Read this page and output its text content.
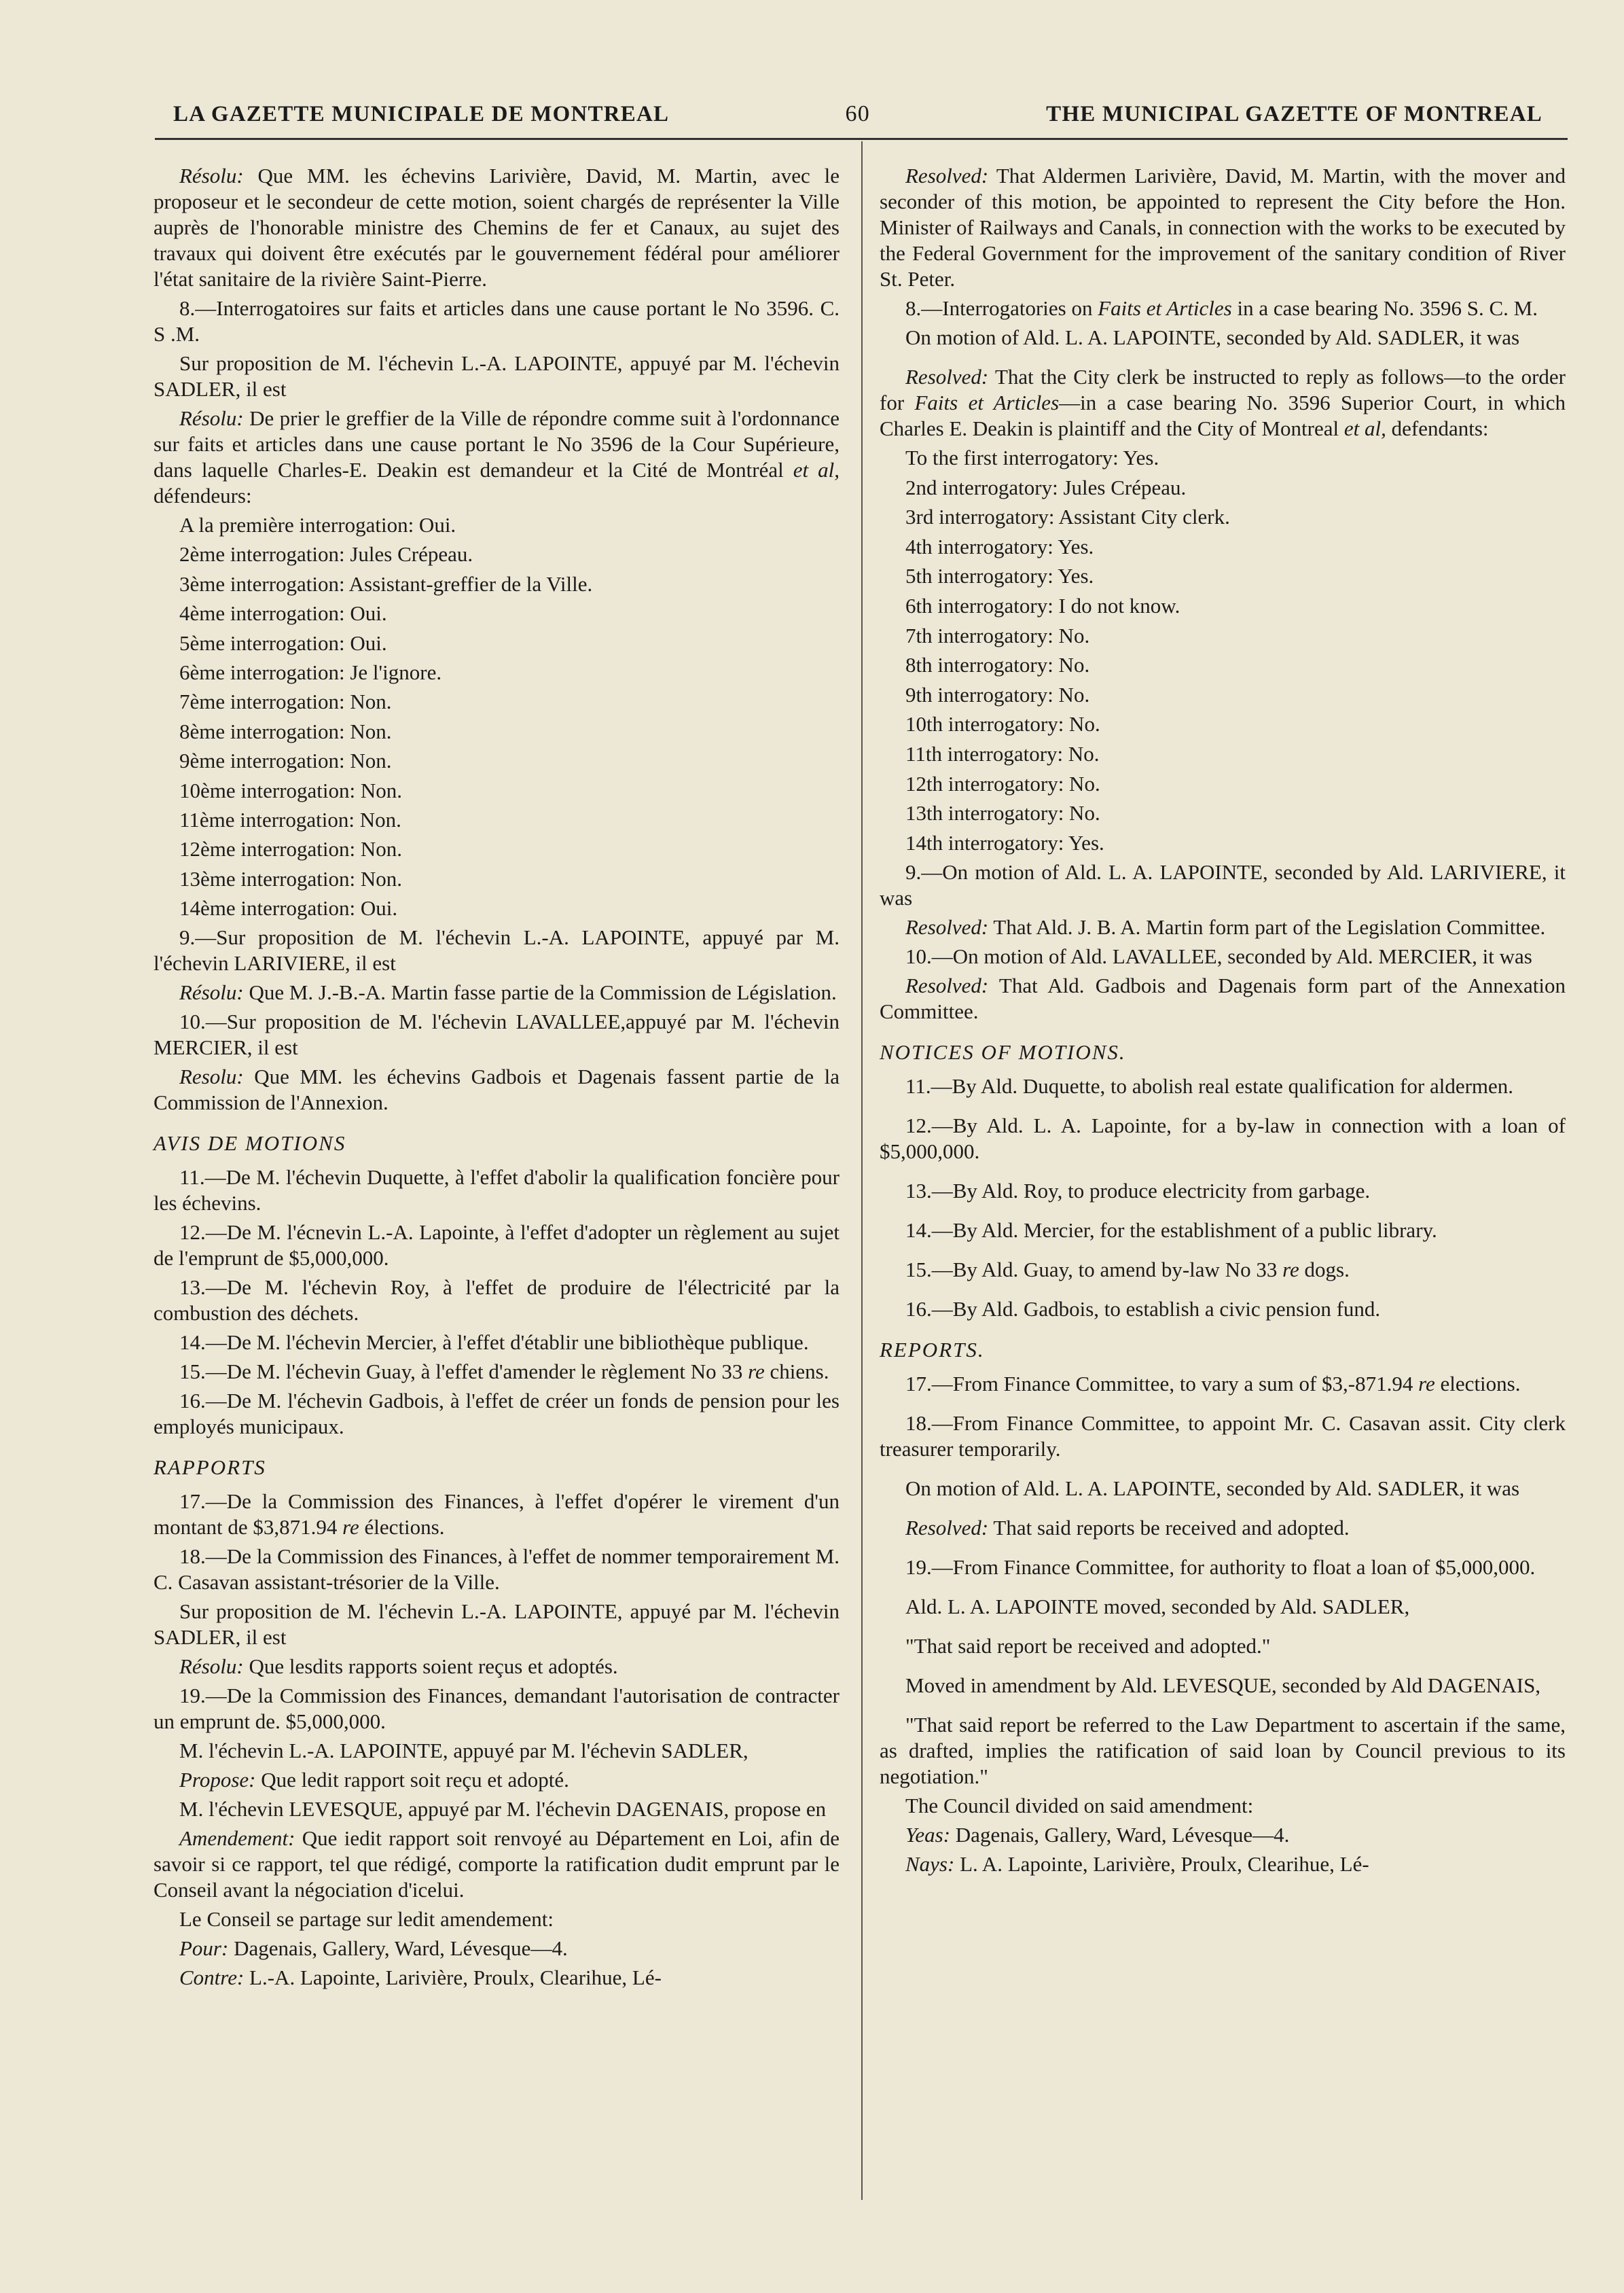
LA GAZETTE MUNICIPALE DE MONTREAL	60	THE MUNICIPAL GAZETTE OF MONTREAL

Résolu: Que MM. les échevins Larivière, David, M. Martin, avec le proposeur et le secondeur de cette motion, soient chargés de représenter la Ville auprès de l'honorable ministre des Chemins de fer et Canaux, au sujet des travaux qui doivent être exécutés par le gouvernement fédéral pour améliorer l'état sanitaire de la rivière Saint-Pierre.

8.—Interrogatoires sur faits et articles dans une cause portant le No 3596. C. S .M.

Sur proposition de M. l'échevin L.-A. LAPOINTE, appuyé par M. l'échevin SADLER, il est

Résolu: De prier le greffier de la Ville de répondre comme suit à l'ordonnance sur faits et articles dans une cause portant le No 3596 de la Cour Supérieure, dans laquelle Charles-E. Deakin est demandeur et la Cité de Montréal et al, défendeurs:

A la première interrogation: Oui.
2ème interrogation: Jules Crépeau.
3ème interrogation: Assistant-greffier de la Ville.
4ème interrogation: Oui.
5ème interrogation: Oui.
6ème interrogation: Je l'ignore.
7ème interrogation: Non.
8ème interrogation: Non.
9ème interrogation: Non.
10ème interrogation: Non.
11ème interrogation: Non.
12ème interrogation: Non.
13ème interrogation: Non.
14ème interrogation: Oui.

9.—Sur proposition de M. l'échevin L.-A. LAPOINTE, appuyé par M. l'échevin LARIVIERE, il est

Résolu: Que M. J.-B.-A. Martin fasse partie de la Commission de Législation.

10.—Sur proposition de M. l'échevin LAVALLEE,appuyé par M. l'échevin MERCIER, il est

Resolu: Que MM. les échevins Gadbois et Dagenais fassent partie de la Commission de l'Annexion.

AVIS DE MOTIONS

11.—De M. l'échevin Duquette, à l'effet d'abolir la qualification foncière pour les échevins.

12.—De M. l'écnevin L.-A. Lapointe, à l'effet d'adopter un règlement au sujet de l'emprunt de $5,000,000.

13.—De M. l'échevin Roy, à l'effet de produire de l'électricité par la combustion des déchets.

14.—De M. l'échevin Mercier, à l'effet d'établir une bibliothèque publique.

15.—De M. l'échevin Guay, à l'effet d'amender le règlement No 33 re chiens.

16.—De M. l'échevin Gadbois, à l'effet de créer un fonds de pension pour les employés municipaux.

RAPPORTS

17.—De la Commission des Finances, à l'effet d'opérer le virement d'un montant de $3,871.94 re élections.

18.—De la Commission des Finances, à l'effet de nommer temporairement M. C. Casavan assistant-trésorier de la Ville.

Sur proposition de M. l'échevin L.-A. LAPOINTE, appuyé par M. l'échevin SADLER, il est

Résolu: Que lesdits rapports soient reçus et adoptés.

19.—De la Commission des Finances, demandant l'autorisation de contracter un emprunt de. $5,000,000.

M. l'échevin L.-A. LAPOINTE, appuyé par M. l'échevin SADLER,

Propose: Que ledit rapport soit reçu et adopté.

M. l'échevin LEVESQUE, appuyé par M. l'échevin DAGENAIS, propose en

Amendement: Que iedit rapport soit renvoyé au Département en Loi, afin de savoir si ce rapport, tel que rédigé, comporte la ratification dudit emprunt par le Conseil avant la négociation d'icelui.

Le Conseil se partage sur ledit amendement:

Pour: Dagenais, Gallery, Ward, Lévesque—4.

Contre: L.-A. Lapointe, Larivière, Proulx, Clearihue, Lé-

Resolved: That Aldermen Larivière, David, M. Martin, with the mover and seconder of this motion, be appointed to represent the City before the Hon. Minister of Railways and Canals, in connection with the works to be executed by the Federal Government for the improvement of the sanitary condition of River St. Peter.

8.—Interrogatories on Faits et Articles in a case bearing No. 3596 S. C. M.

On motion of Ald. L. A. LAPOINTE, seconded by Ald. SADLER, it was

Resolved: That the City clerk be instructed to reply as follows—to the order for Faits et Articles—in a case bearing No. 3596 Superior Court, in which Charles E. Deakin is plaintiff and the City of Montreal et al, defendants:

To the first interrogatory: Yes.
2nd interrogatory: Jules Crépeau.
3rd interrogatory: Assistant City clerk.
4th interrogatory: Yes.
5th interrogatory: Yes.
6th interrogatory: I do not know.
7th interrogatory: No.
8th interrogatory: No.
9th interrogatory: No.
10th interrogatory: No.
11th interrogatory: No.
12th interrogatory: No.
13th interrogatory: No.
14th interrogatory: Yes.

9.—On motion of Ald. L. A. LAPOINTE, seconded by Ald. LARIVIERE, it was

Resolved: That Ald. J. B. A. Martin form part of the Legislation Committee.

10.—On motion of Ald. LAVALLEE, seconded by Ald. MERCIER, it was

Resolved: That Ald. Gadbois and Dagenais form part of the Annexation Committee.

NOTICES OF MOTIONS.

11.—By Ald. Duquette, to abolish real estate qualification for aldermen.

12.—By Ald. L. A. Lapointe, for a by-law in connection with a loan of $5,000,000.

13.—By Ald. Roy, to produce electricity from garbage.

14.—By Ald. Mercier, for the establishment of a public library.

15.—By Ald. Guay, to amend by-law No 33 re dogs.

16.—By Ald. Gadbois, to establish a civic pension fund.

REPORTS.

17.—From Finance Committee, to vary a sum of $3,-871.94 re elections.

18.—From Finance Committee, to appoint Mr. C. Casavan assit. City clerk treasurer temporarily.

On motion of Ald. L. A. LAPOINTE, seconded by Ald. SADLER, it was

Resolved: That said reports be received and adopted.

19.—From Finance Committee, for authority to float a loan of $5,000,000.

Ald. L. A. LAPOINTE moved, seconded by Ald. SADLER,

"That said report be received and adopted."

Moved in amendment by Ald. LEVESQUE, seconded by Ald DAGENAIS,

"That said report be referred to the Law Department to ascertain if the same, as drafted, implies the ratification of said loan by Council previous to its negotiation."

The Council divided on said amendment:

Yeas: Dagenais, Gallery, Ward, Lévesque—4.

Nays: L. A. Lapointe, Larivière, Proulx, Clearihue, Lé-
